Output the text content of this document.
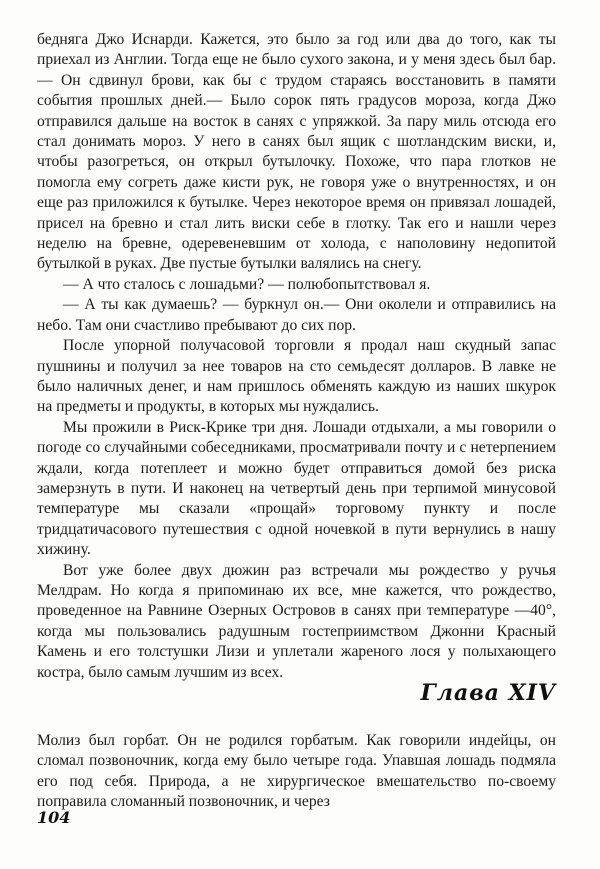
бедняга Джо Иснарди. Кажется, это было за год или два до того, как ты приехал из Англии. Тогда еще не было сухого закона, и у меня здесь был бар.— Он сдвинул брови, как бы с трудом стараясь восстановить в памяти события прошлых дней.— Было сорок пять градусов мороза, когда Джо отправился дальше на восток в санях с упряжкой. За пару миль отсюда его стал донимать мороз. У него в санях был ящик с шотландским виски, и, чтобы разогреться, он открыл бутылочку. Похоже, что пара глотков не помогла ему согреть даже кисти рук, не говоря уже о внутренностях, и он еще раз приложился к бутылке. Через некоторое время он привязал лошадей, присел на бревно и стал лить виски себе в глотку. Так его и нашли через неделю на бревне, одеревеневшим от холода, с наполовину недопитой бутылкой в руках. Две пустые бутылки валялись на снегу.

— А что сталось с лошадьми? — полюбопытствовал я.

— А ты как думаешь? — буркнул он.— Они околели и отправились на небо. Там они счастливо пребывают до сих пор.

После упорной получасовой торговли я продал наш скудный запас пушнины и получил за нее товаров на сто семьдесят долларов. В лавке не было наличных денег, и нам пришлось обменять каждую из наших шкурок на предметы и продукты, в которых мы нуждались.

Мы прожили в Риск-Крике три дня. Лошади отдыхали, а мы говорили о погоде со случайными собеседниками, просматривали почту и с нетерпением ждали, когда потеплеет и можно будет отправиться домой без риска замерзнуть в пути. И наконец на четвертый день при терпимой минусовой температуре мы сказали «прощай» торговому пункту и после тридцатичасового путешествия с одной ночевкой в пути вернулись в нашу хижину.

Вот уже более двух дюжин раз встречали мы рождество у ручья Мелдрам. Но когда я припоминаю их все, мне кажется, что рождество, проведенное на Равнине Озерных Островов в санях при температуре —40°, когда мы пользовались радушным гостеприимством Джонни Красный Камень и его толстушки Лизи и уплетали жареного лося у полыхающего костра, было самым лучшим из всех.

Глава XIV

Молиз был горбат. Он не родился горбатым. Как говорили индейцы, он сломал позвоночник, когда ему было четыре года. Упавшая лошадь подмяла его под себя. Природа, а не хирургическое вмешательство по-своему поправила сломанный позвоночник, и через

104
